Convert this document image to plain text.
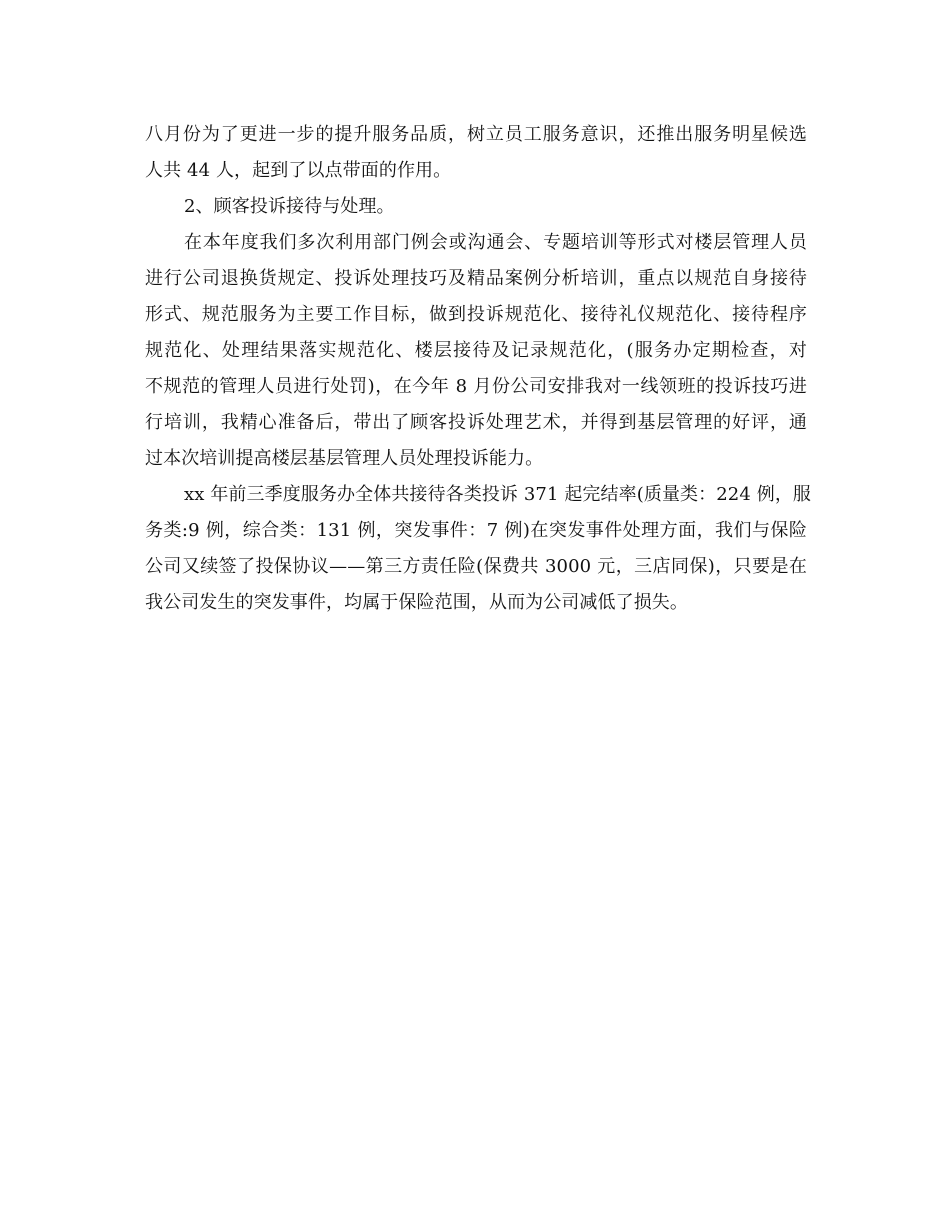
八月份为了更进一步的提升服务品质，树立员工服务意识，还推出服务明星候选
人共 44 人，起到了以点带面的作用。
2、顾客投诉接待与处理。
在本年度我们多次利用部门例会或沟通会、专题培训等形式对楼层管理人员
进行公司退换货规定、投诉处理技巧及精品案例分析培训，重点以规范自身接待
形式、规范服务为主要工作目标，做到投诉规范化、接待礼仪规范化、接待程序
规范化、处理结果落实规范化、楼层接待及记录规范化，(服务办定期检查，对
不规范的管理人员进行处罚)，在今年 8 月份公司安排我对一线领班的投诉技巧进
行培训，我精心准备后，带出了顾客投诉处理艺术，并得到基层管理的好评，通
过本次培训提高楼层基层管理人员处理投诉能力。
xx 年前三季度服务办全体共接待各类投诉 371 起完结率(质量类：224 例，服
务类:9 例，综合类：131 例，突发事件：7 例)在突发事件处理方面，我们与保险
公司又续签了投保协议——第三方责任险(保费共 3000 元，三店同保)，只要是在
我公司发生的突发事件，均属于保险范围，从而为公司减低了损失。
